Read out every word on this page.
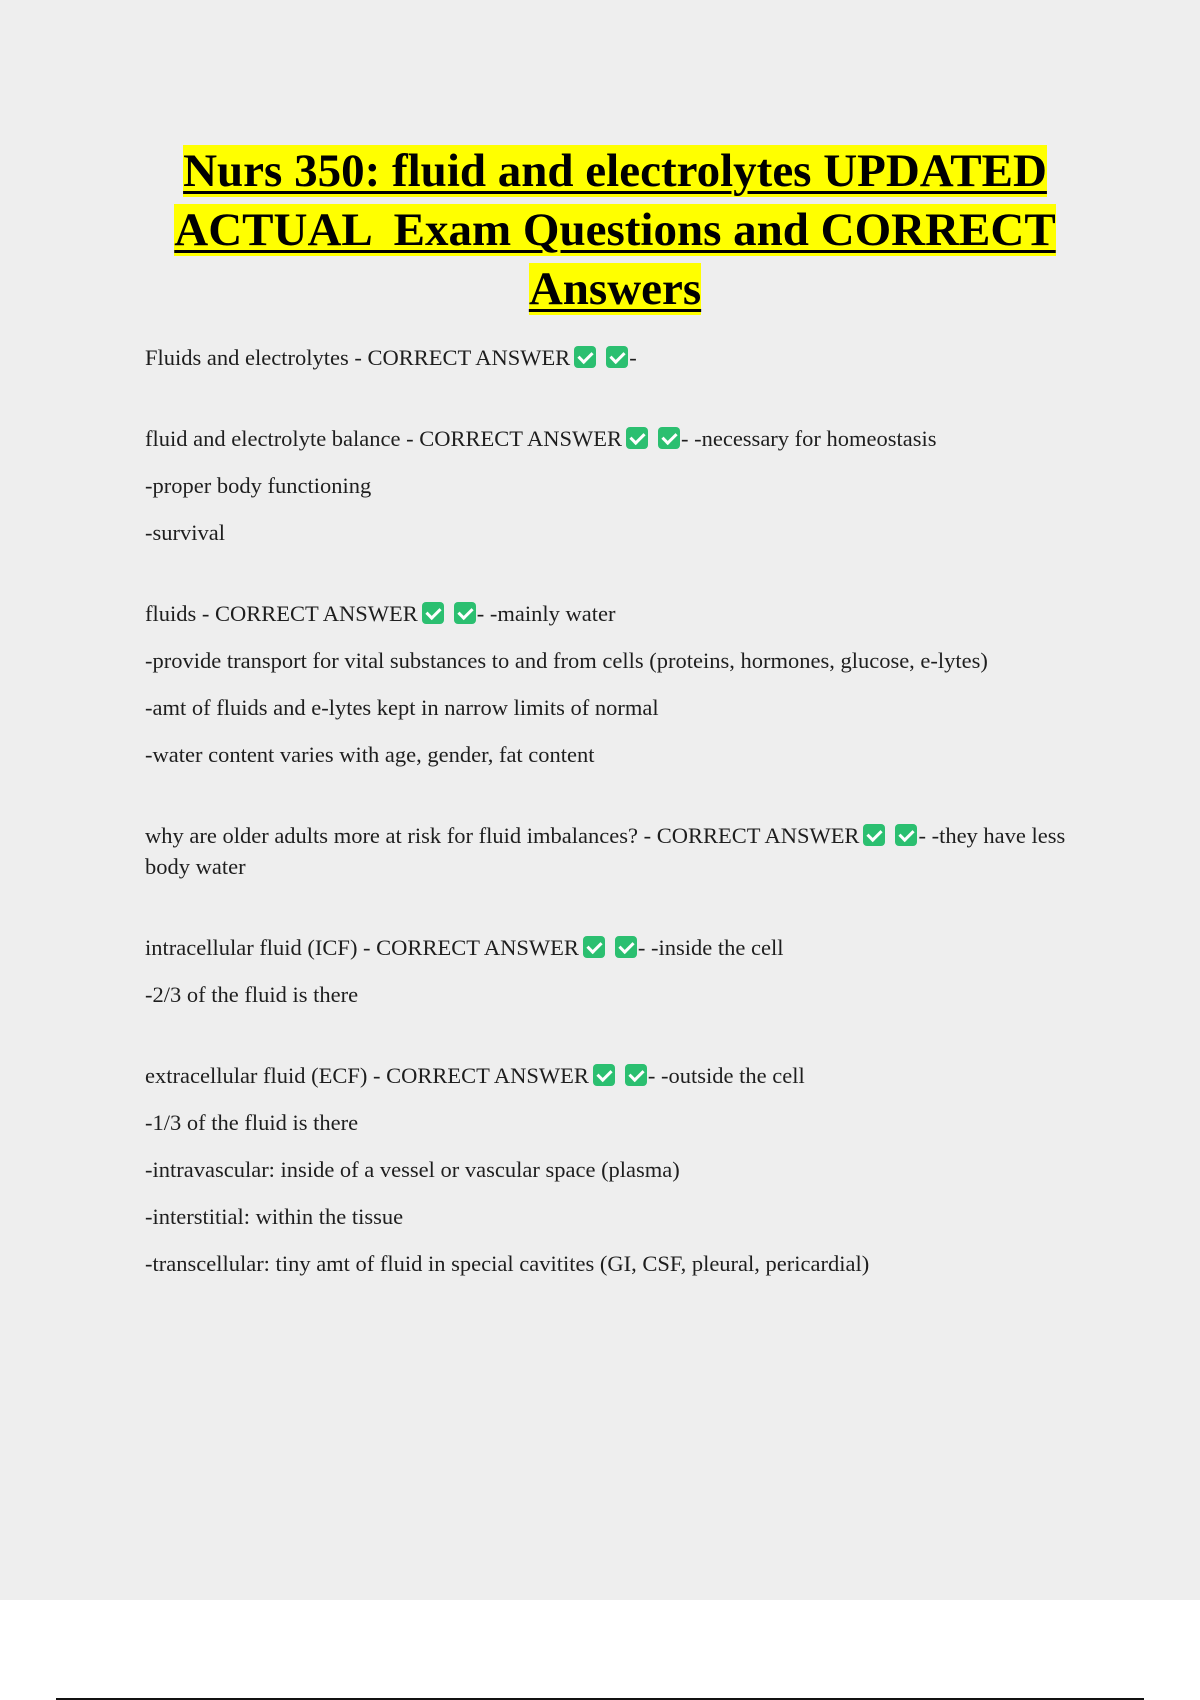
Nurs 350: fluid and electrolytes UPDATED
ACTUAL  Exam Questions and CORRECT
Answers

Fluids and electrolytes - CORRECT ANSWER	-

fluid and electrolyte balance - CORRECT ANSWER	- -necessary for homeostasis

-proper body functioning

-survival

fluids - CORRECT ANSWER	- -mainly water

-provide transport for vital substances to and from cells (proteins, hormones, glucose, e-lytes)

-amt of fluids and e-lytes kept in narrow limits of normal

-water content varies with age, gender, fat content

why are older adults more at risk for fluid imbalances? - CORRECT ANSWER	- -they have less body water

intracellular fluid (ICF) - CORRECT ANSWER	- -inside the cell

-2/3 of the fluid is there

extracellular fluid (ECF) - CORRECT ANSWER	- -outside the cell

-1/3 of the fluid is there

-intravascular: inside of a vessel or vascular space (plasma)

-interstitial: within the tissue

-transcellular: tiny amt of fluid in special cavitites (GI, CSF, pleural, pericardial)
